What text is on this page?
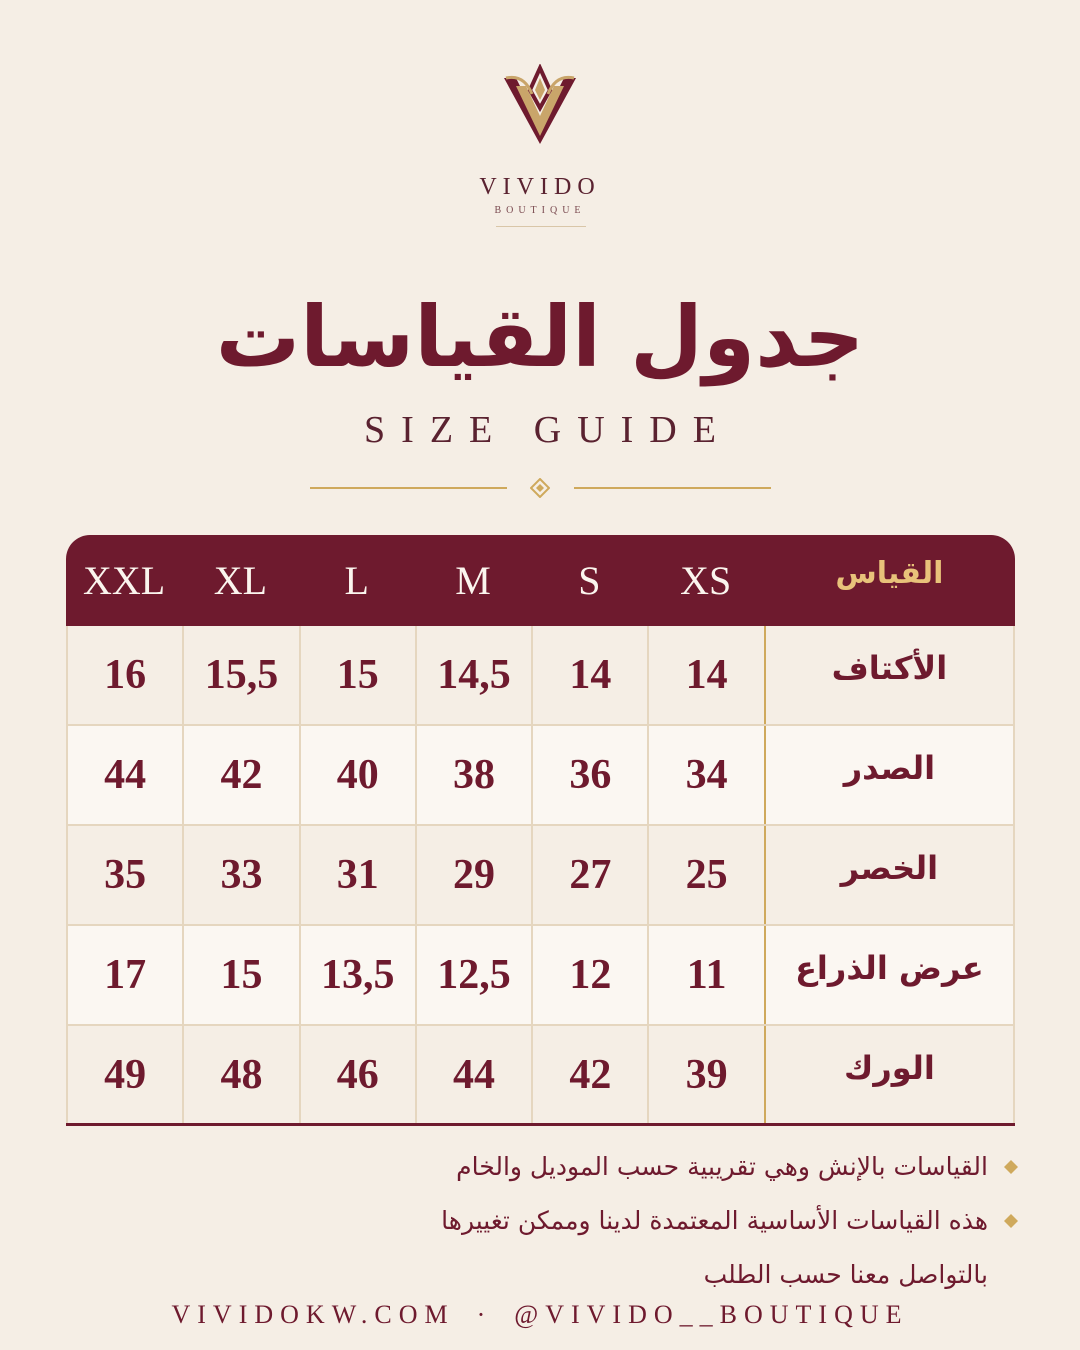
VIVIDO
BOUTIQUE
جدول القياسات
SIZE GUIDE
XXL	XL	L	M	S	XS	القياس
16	15,5	15	14,5	14	14	الأكتاف
44	42	40	38	36	34	الصدر
35	33	31	29	27	25	الخصر
17	15	13,5	12,5	12	11	عرض الذراع
49	48	46	44	42	39	الورك
القياسات بالإنش وهي تقريبية حسب الموديل والخام
هذه القياسات الأساسية المعتمدة لدينا وممكن تغييرها
بالتواصل معنا حسب الطلب
VIVIDOKW.COM · @VIVIDO__BOUTIQUE
